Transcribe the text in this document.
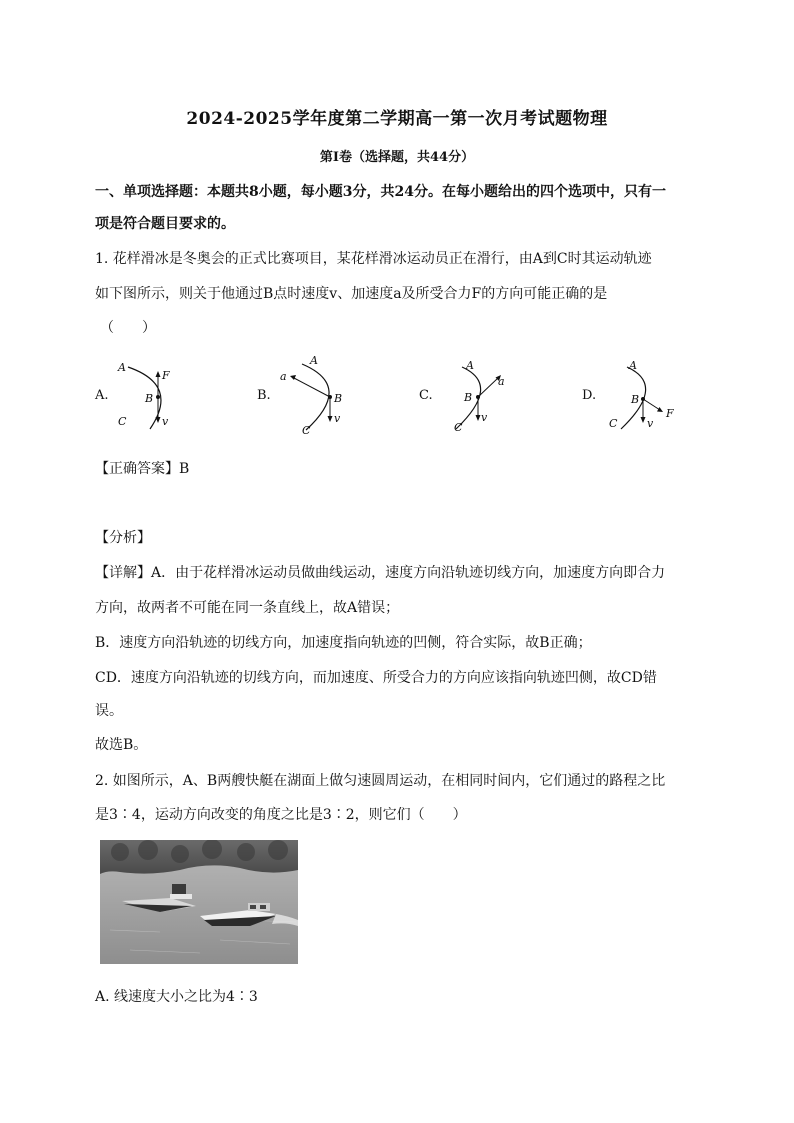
2024-2025学年度第二学期高一第一次月考试题物理
第I卷（选择题，共44分）
一、单项选择题：本题共8小题，每小题3分，共24分。在每小题给出的四个选项中，只有一
项是符合题目要求的。
1. 花样滑冰是冬奥会的正式比赛项目，某花样滑冰运动员正在滑行，由A到C时其运动轨迹
如下图所示，则关于他通过B点时速度v、加速度a及所受合力F的方向可能正确的是
（　　）
A.
A
B
C
F
v
B.
A
B
C
a
v
C.
A
B
C
a
v
D.
A
B
C
F
v
【正确答案】B
【分析】
【详解】A．由于花样滑冰运动员做曲线运动，速度方向沿轨迹切线方向，加速度方向即合力
方向，故两者不可能在同一条直线上，故A错误；
B．速度方向沿轨迹的切线方向，加速度指向轨迹的凹侧，符合实际，故B正确；
CD．速度方向沿轨迹的切线方向，而加速度、所受合力的方向应该指向轨迹凹侧，故CD错
误。
故选B。
2. 如图所示，A、B两艘快艇在湖面上做匀速圆周运动，在相同时间内，它们通过的路程之比
是3∶4，运动方向改变的角度之比是3∶2，则它们（　　）
A. 线速度大小之比为4∶3
